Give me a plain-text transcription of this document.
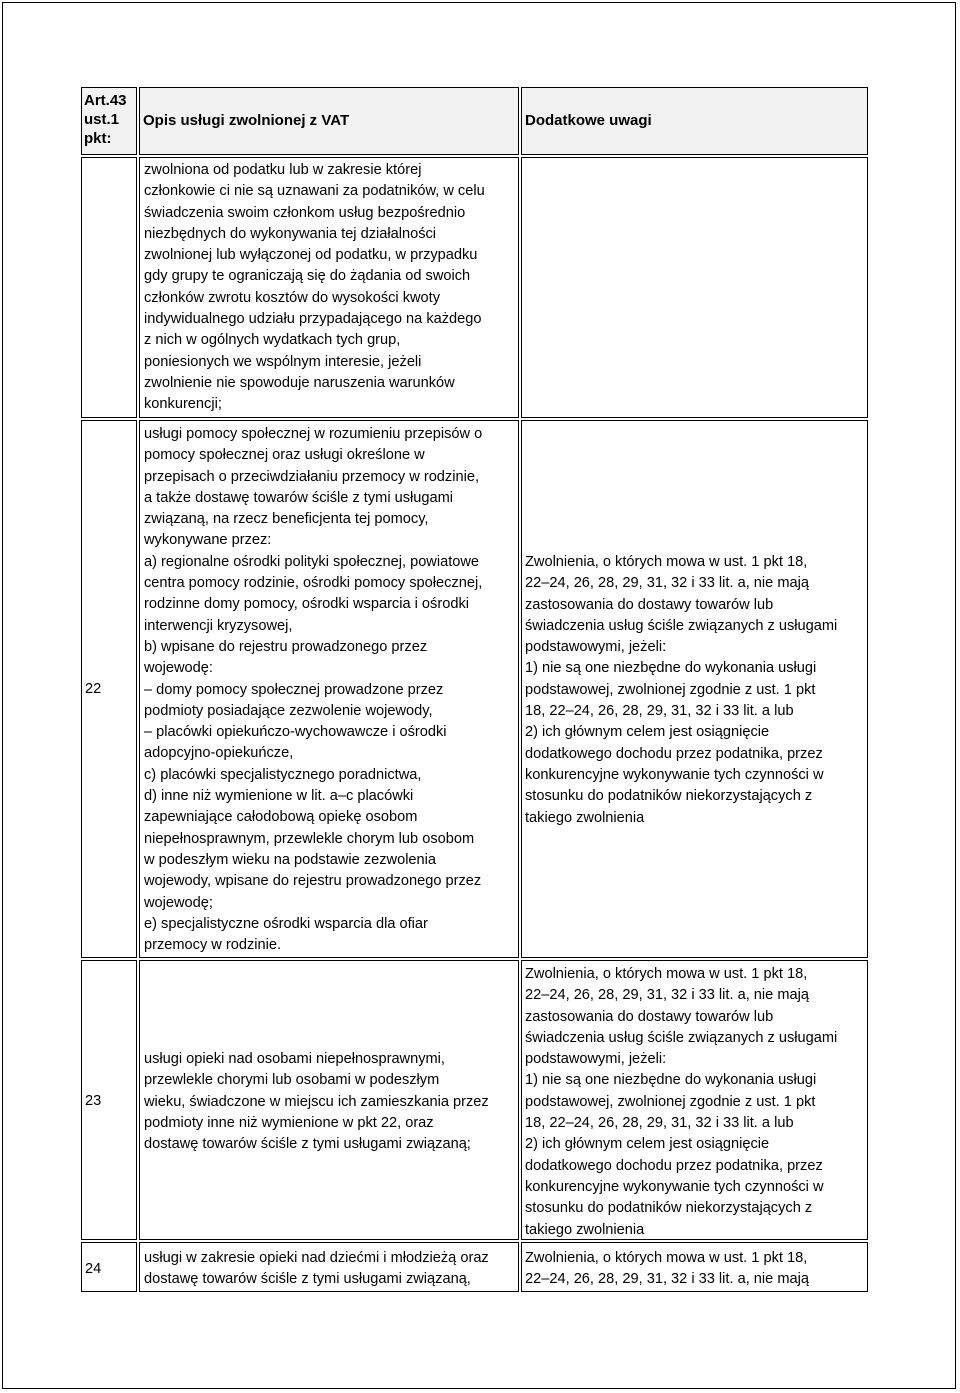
Art.43
ust.1
pkt:
Opis usługi zwolnionej z VAT	Dodatkowe uwagi
zwolniona od podatku lub w zakresie której
członkowie ci nie są uznawani za podatników, w celu
świadczenia swoim członkom usług bezpośrednio
niezbędnych do wykonywania tej działalności
zwolnionej lub wyłączonej od podatku, w przypadku
gdy grupy te ograniczają się do żądania od swoich
członków zwrotu kosztów do wysokości kwoty
indywidualnego udziału przypadającego na każdego
z nich w ogólnych wydatkach tych grup,
poniesionych we wspólnym interesie, jeżeli
zwolnienie nie spowoduje naruszenia warunków
konkurencji;
22
usługi pomocy społecznej w rozumieniu przepisów o
pomocy społecznej oraz usługi określone w
przepisach o przeciwdziałaniu przemocy w rodzinie,
a także dostawę towarów ściśle z tymi usługami
związaną, na rzecz beneficjenta tej pomocy,
wykonywane przez:
a) regionalne ośrodki polityki społecznej, powiatowe
centra pomocy rodzinie, ośrodki pomocy społecznej,
rodzinne domy pomocy, ośrodki wsparcia i ośrodki
interwencji kryzysowej,
b) wpisane do rejestru prowadzonego przez
wojewodę:
– domy pomocy społecznej prowadzone przez
podmioty posiadające zezwolenie wojewody,
– placówki opiekuńczo-wychowawcze i ośrodki
adopcyjno-opiekuńcze,
c) placówki specjalistycznego poradnictwa,
d) inne niż wymienione w lit. a–c placówki
zapewniające całodobową opiekę osobom
niepełnosprawnym, przewlekle chorym lub osobom
w podeszłym wieku na podstawie zezwolenia
wojewody, wpisane do rejestru prowadzonego przez
wojewodę;
e) specjalistyczne ośrodki wsparcia dla ofiar
przemocy w rodzinie.
Zwolnienia, o których mowa w ust. 1 pkt 18,
22–24, 26, 28, 29, 31, 32 i 33 lit. a, nie mają
zastosowania do dostawy towarów lub
świadczenia usług ściśle związanych z usługami
podstawowymi, jeżeli:
1) nie są one niezbędne do wykonania usługi
podstawowej, zwolnionej zgodnie z ust. 1 pkt
18, 22–24, 26, 28, 29, 31, 32 i 33 lit. a lub
2) ich głównym celem jest osiągnięcie
dodatkowego dochodu przez podatnika, przez
konkurencyjne wykonywanie tych czynności w
stosunku do podatników niekorzystających z
takiego zwolnienia
23
usługi opieki nad osobami niepełnosprawnymi,
przewlekle chorymi lub osobami w podeszłym
wieku, świadczone w miejscu ich zamieszkania przez
podmioty inne niż wymienione w pkt 22, oraz
dostawę towarów ściśle z tymi usługami związaną;
Zwolnienia, o których mowa w ust. 1 pkt 18,
22–24, 26, 28, 29, 31, 32 i 33 lit. a, nie mają
zastosowania do dostawy towarów lub
świadczenia usług ściśle związanych z usługami
podstawowymi, jeżeli:
1) nie są one niezbędne do wykonania usługi
podstawowej, zwolnionej zgodnie z ust. 1 pkt
18, 22–24, 26, 28, 29, 31, 32 i 33 lit. a lub
2) ich głównym celem jest osiągnięcie
dodatkowego dochodu przez podatnika, przez
konkurencyjne wykonywanie tych czynności w
stosunku do podatników niekorzystających z
takiego zwolnienia
24
usługi w zakresie opieki nad dziećmi i młodzieżą oraz
dostawę towarów ściśle z tymi usługami związaną,
Zwolnienia, o których mowa w ust. 1 pkt 18,
22–24, 26, 28, 29, 31, 32 i 33 lit. a, nie mają
